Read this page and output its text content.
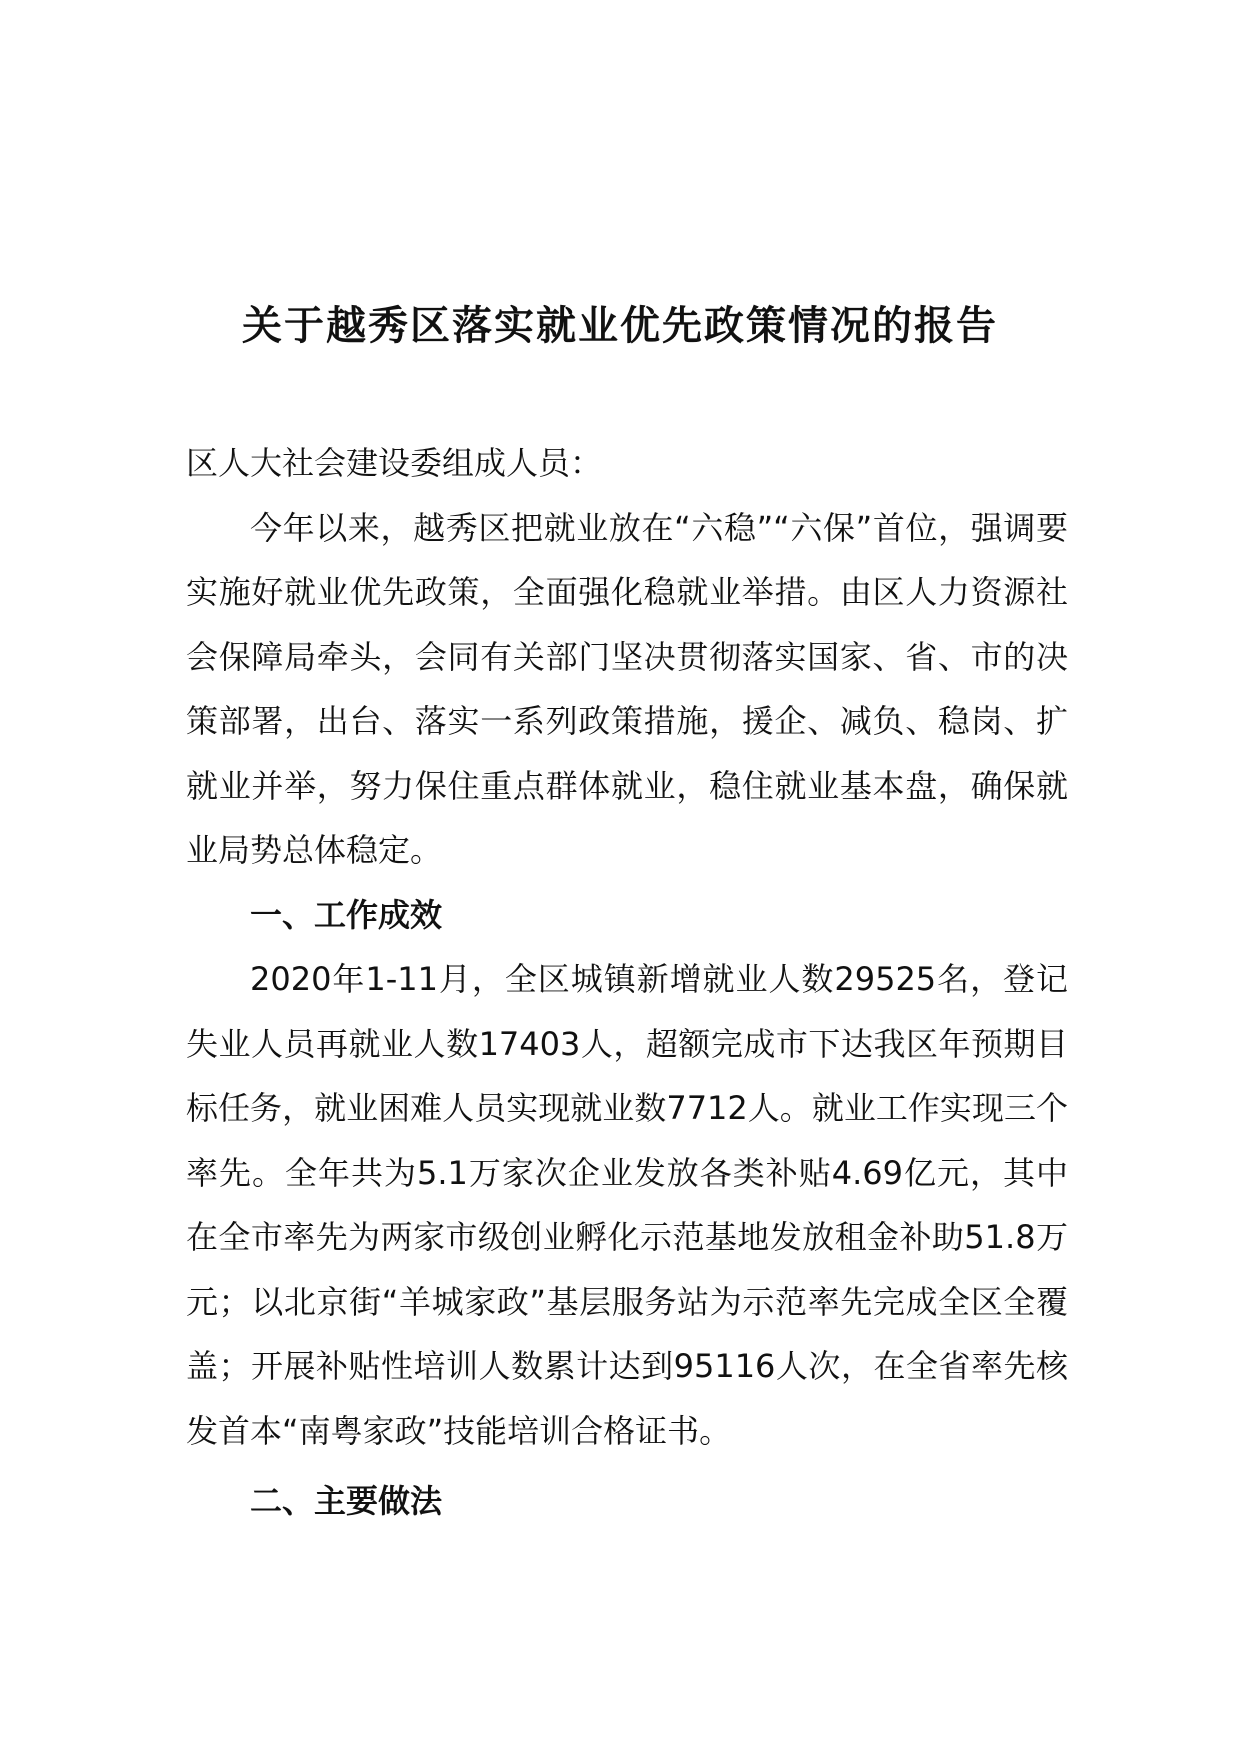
关于越秀区落实就业优先政策情况的报告

区人大社会建设委组成人员：

今年以来，越秀区把就业放在“六稳”“六保”首位，强调要实施好就业优先政策，全面强化稳就业举措。由区人力资源社会保障局牵头，会同有关部门坚决贯彻落实国家、省、市的决策部署，出台、落实一系列政策措施，援企、减负、稳岗、扩就业并举，努力保住重点群体就业，稳住就业基本盘，确保就业局势总体稳定。

一、工作成效

2020年1-11月，全区城镇新增就业人数29525名，登记失业人员再就业人数17403人，超额完成市下达我区年预期目标任务，就业困难人员实现就业数7712人。就业工作实现三个率先。全年共为5.1万家次企业发放各类补贴4.69亿元，其中在全市率先为两家市级创业孵化示范基地发放租金补助51.8万元；以北京街“羊城家政”基层服务站为示范率先完成全区全覆盖；开展补贴性培训人数累计达到95116人次，在全省率先核发首本“南粤家政”技能培训合格证书。

二、主要做法
